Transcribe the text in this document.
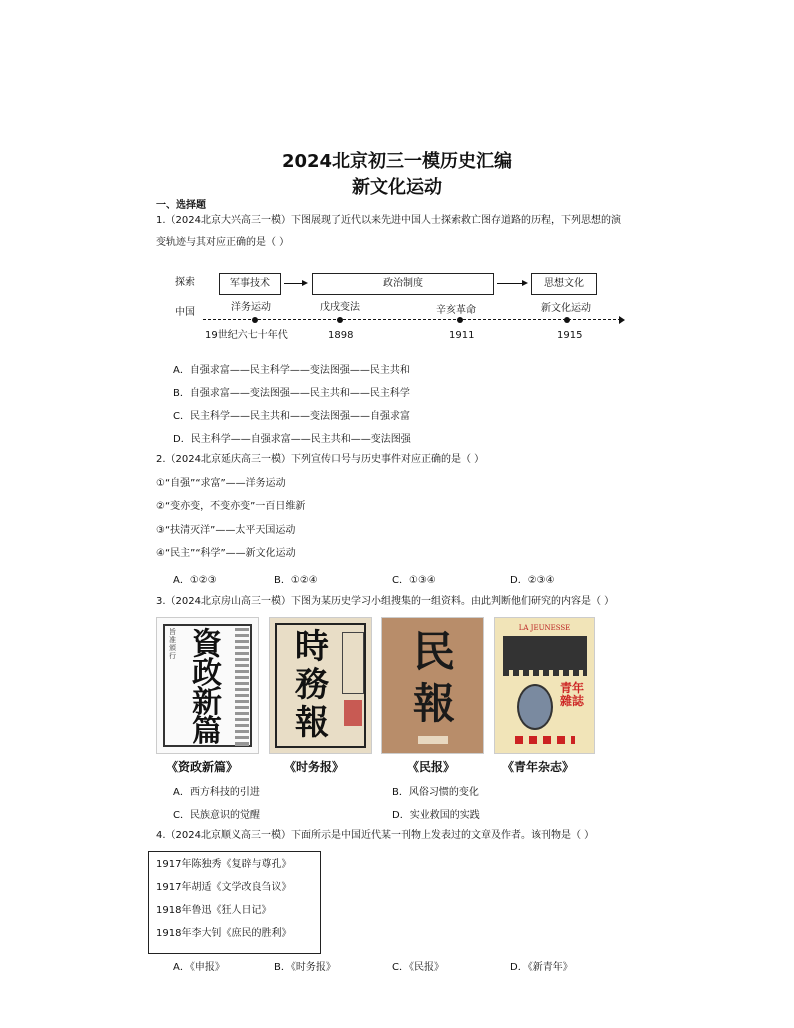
2024北京初三一模历史汇编
新文化运动
一、选择题
1.（2024北京大兴高三一模）下图展现了近代以来先进中国人士探索救亡图存道路的历程，下列思想的演
变轨迹与其对应正确的是（ ）
探索
中国
军事技术	政治制度	思想文化
洋务运动	戊戌变法	辛亥革命	新文化运动
19世纪六七十年代	1898	1911	1915
A．自强求富——民主科学——变法图强——民主共和
B．自强求富——变法图强——民主共和——民主科学
C．民主科学——民主共和——变法图强——自强求富
D．民主科学——自强求富——民主共和——变法图强
2.（2024北京延庆高三一模）下列宣传口号与历史事件对应正确的是（ ）
①“自强”“求富”——洋务运动
②“变亦变，不变亦变”一百日维新
③“扶清灭洋”——太平天国运动
④“民主”“科学”——新文化运动
A．①②③	B．①②④	C．①③④	D．②③④
3.（2024北京房山高三一模）下图为某历史学习小组搜集的一组资料。由此判断他们研究的内容是（ ）
旨准頒行 資政新篇
時務報
民報
LA JEUNESSE
青年雜誌
《资政新篇》	《时务报》	《民报》	《青年杂志》
A．西方科技的引进	B．风俗习惯的变化
C．民族意识的觉醒	D．实业救国的实践
4.（2024北京顺义高三一模）下面所示是中国近代某一刊物上发表过的文章及作者。该刊物是（ ）
1917年陈独秀《复辟与尊孔》
1917年胡适《文学改良刍议》
1918年鲁迅《狂人日记》
1918年李大钊《庶民的胜利》
A．《申报》	B．《时务报》	C．《民报》	D．《新青年》
